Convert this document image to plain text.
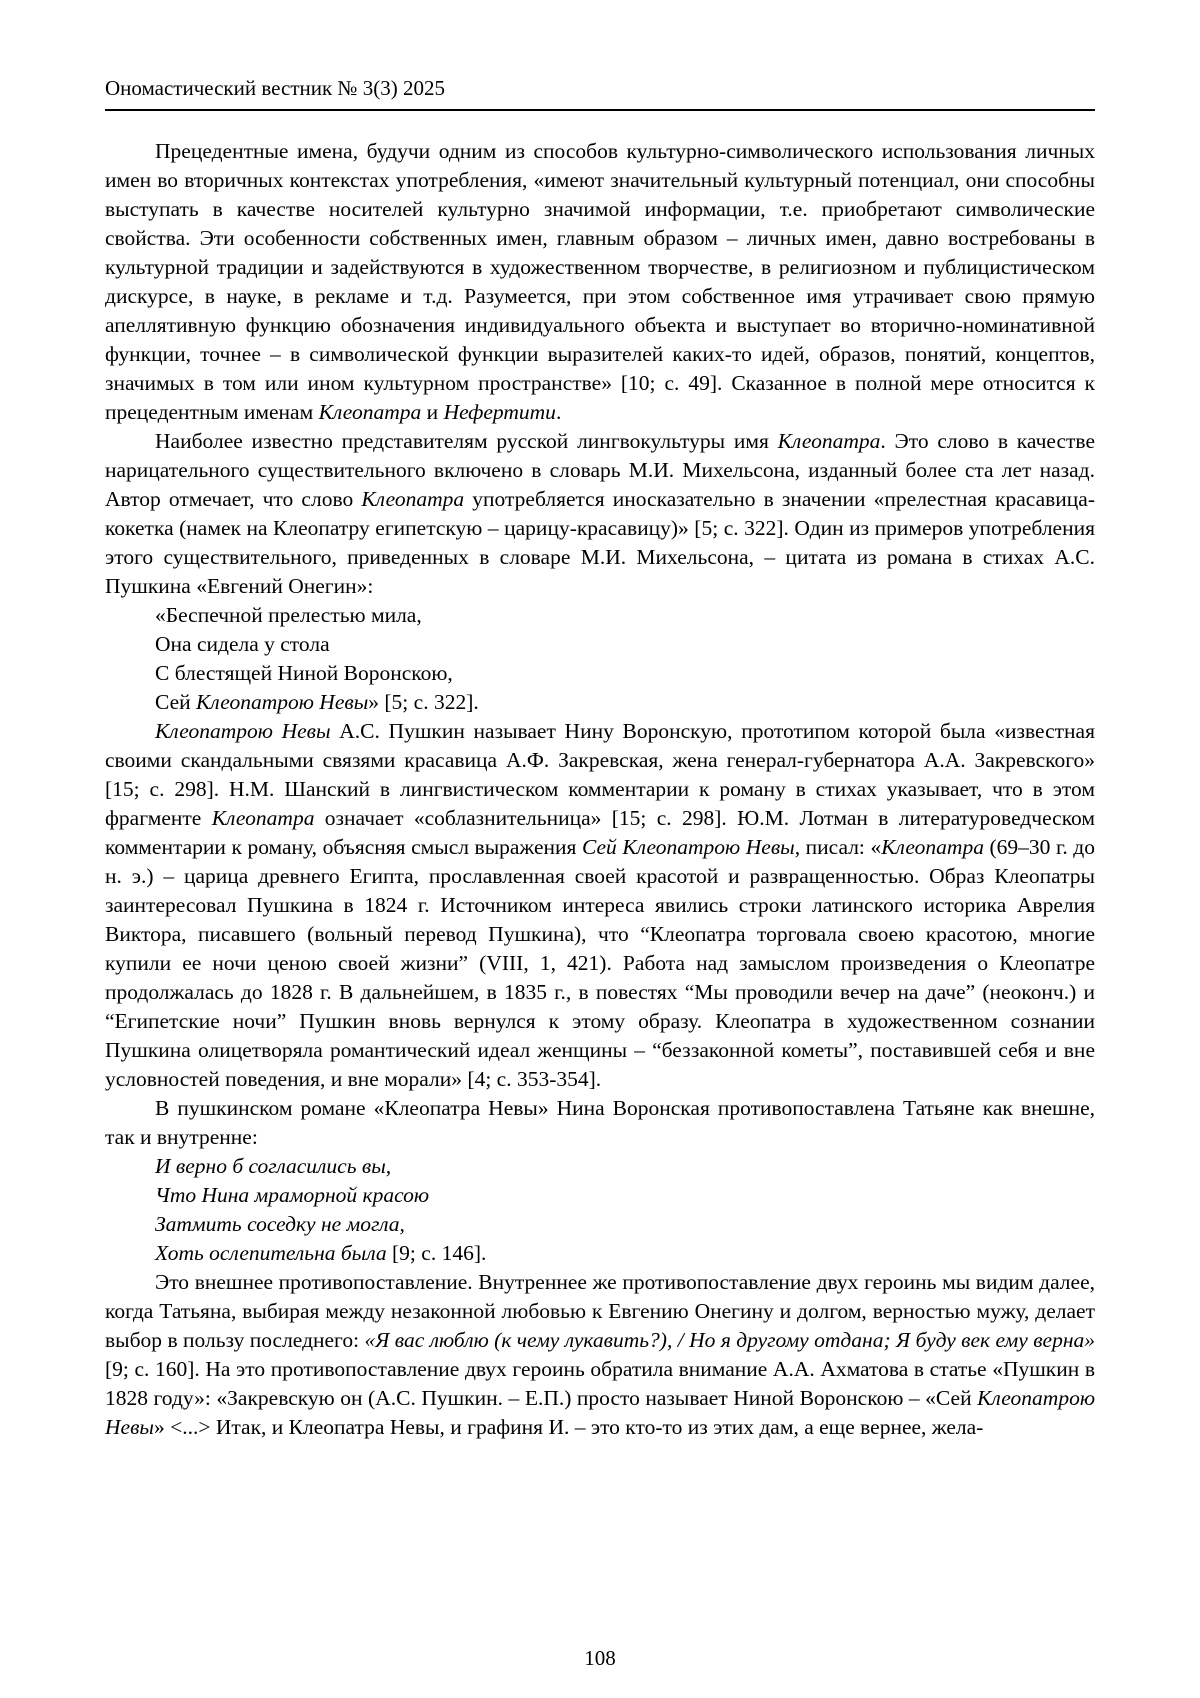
Ономастический вестник № 3(3) 2025

Прецедентные имена, будучи одним из способов культурно-символического использования личных имен во вторичных контекстах употребления, «имеют значительный культурный потенциал, они способны выступать в качестве носителей культурно значимой информации, т.е. приобретают символические свойства. Эти особенности собственных имен, главным образом – личных имен, давно востребованы в культурной традиции и задействуются в художественном творчестве, в религиозном и публицистическом дискурсе, в науке, в рекламе и т.д. Разумеется, при этом собственное имя утрачивает свою прямую апеллятивную функцию обозначения индивидуального объекта и выступает во вторично-номинативной функции, точнее – в символической функции выразителей каких-то идей, образов, понятий, концептов, значимых в том или ином культурном пространстве» [10; с. 49]. Сказанное в полной мере относится к прецедентным именам Клеопатра и Нефертити.

Наиболее известно представителям русской лингвокультуры имя Клеопатра. Это слово в качестве нарицательного существительного включено в словарь М.И. Михельсона, изданный более ста лет назад. Автор отмечает, что слово Клеопатра употребляется иносказательно в значении «прелестная красавица-кокетка (намек на Клеопатру египетскую – царицу-красавицу)» [5; с. 322]. Один из примеров употребления этого существительного, приведенных в словаре М.И. Михельсона, – цитата из романа в стихах А.С. Пушкина «Евгений Онегин»:

«Беспечной прелестью мила,
Она сидела у стола
С блестящей Ниной Воронскою,
Сей Клеопатрою Невы» [5; с. 322].

Клеопатрою Невы А.С. Пушкин называет Нину Воронскую, прототипом которой была «известная своими скандальными связями красавица А.Ф. Закревская, жена генерал-губернатора А.А. Закревского» [15; с. 298]. Н.М. Шанский в лингвистическом комментарии к роману в стихах указывает, что в этом фрагменте Клеопатра означает «соблазнительница» [15; с. 298]. Ю.М. Лотман в литературоведческом комментарии к роману, объясняя смысл выражения Сей Клеопатрою Невы, писал: «Клеопатра (69–30 г. до н. э.) – царица древнего Египта, прославленная своей красотой и развращенностью. Образ Клеопатры заинтересовал Пушкина в 1824 г. Источником интереса явились строки латинского историка Аврелия Виктора, писавшего (вольный перевод Пушкина), что “Клеопатра торговала своею красотою, многие купили ее ночи ценою своей жизни” (VIII, 1, 421). Работа над замыслом произведения о Клеопатре продолжалась до 1828 г. В дальнейшем, в 1835 г., в повестях “Мы проводили вечер на даче” (неоконч.) и “Египетские ночи” Пушкин вновь вернулся к этому образу. Клеопатра в художественном сознании Пушкина олицетворяла романтический идеал женщины – “беззаконной кометы”, поставившей себя и вне условностей поведения, и вне морали» [4; с. 353-354].

В пушкинском романе «Клеопатра Невы» Нина Воронская противопоставлена Татьяне как внешне, так и внутренне:

И верно б согласились вы,
Что Нина мраморной красою
Затмить соседку не могла,
Хоть ослепительна была [9; с. 146].

Это внешнее противопоставление. Внутреннее же противопоставление двух героинь мы видим далее, когда Татьяна, выбирая между незаконной любовью к Евгению Онегину и долгом, верностью мужу, делает выбор в пользу последнего: «Я вас люблю (к чему лукавить?), / Но я другому отдана; Я буду век ему верна» [9; с. 160]. На это противопоставление двух героинь обратила внимание А.А. Ахматова в статье «Пушкин в 1828 году»: «Закревскую он (А.С. Пушкин. – Е.П.) просто называет Ниной Воронскою – «Сей Клеопатрою Невы» <...> Итак, и Клеопатра Невы, и графиня И. – это кто-то из этих дам, а еще вернее, жела-

108
